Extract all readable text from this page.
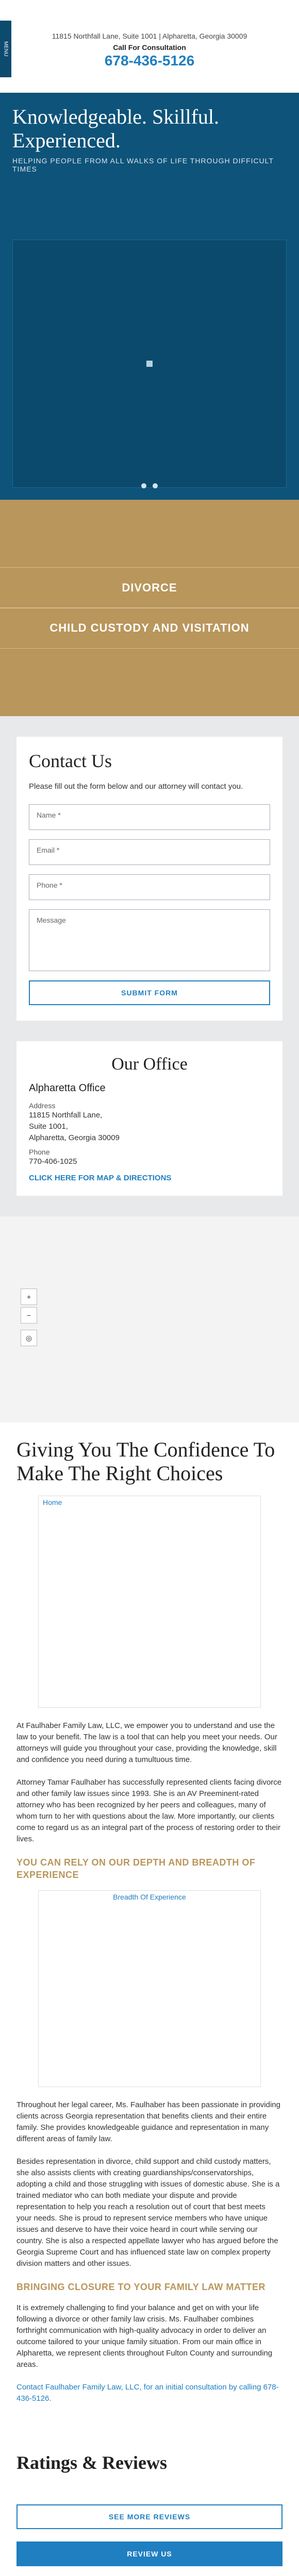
MENU
11815 Northfall Lane, Suite 1001 | Alpharetta, Georgia 30009
Call For Consultation
678-436-5126
Knowledgeable. Skillful. Experienced.
HELPING PEOPLE FROM ALL WALKS OF LIFE THROUGH DIFFICULT TIMES
DIVORCE
CHILD CUSTODY AND VISITATION
Contact Us

Please fill out the form below and our attorney will contact you.

Name *
Email *
Phone *
Message
SUBMIT FORM
Our Office
Alpharetta Office
Address
11815 Northfall Lane,
Suite 1001,
Alpharetta, Georgia 30009
Phone
770-406-1025
CLICK HERE FOR MAP & DIRECTIONS
+
−
◎
Giving You The Confidence To Make The Right Choices
Home

At Faulhaber Family Law, LLC, we empower you to understand and use the law to your benefit. The law is a tool that can help you meet your needs. Our attorneys will guide you throughout your case, providing the knowledge, skill and confidence you need during a tumultuous time.

Attorney Tamar Faulhaber has successfully represented clients facing divorce and other family law issues since 1993. She is an AV Preeminent-rated attorney who has been recognized by her peers and colleagues, many of whom turn to her with questions about the law. More importantly, our clients come to regard us as an integral part of the process of restoring order to their lives.

YOU CAN RELY ON OUR DEPTH AND BREADTH OF EXPERIENCE
Breadth Of Experience

Throughout her legal career, Ms. Faulhaber has been passionate in providing clients across Georgia representation that benefits clients and their entire family. She provides knowledgeable guidance and representation in many different areas of family law.

Besides representation in divorce, child support and child custody matters, she also assists clients with creating guardianships/conservatorships, adopting a child and those struggling with issues of domestic abuse. She is a trained mediator who can both mediate your dispute and provide representation to help you reach a resolution out of court that best meets your needs. She is proud to represent service members who have unique issues and deserve to have their voice heard in court while serving our country. She is also a respected appellate lawyer who has argued before the Georgia Supreme Court and has influenced state law on complex property division matters and other issues.

BRINGING CLOSURE TO YOUR FAMILY LAW MATTER

It is extremely challenging to find your balance and get on with your life following a divorce or other family law crisis. Ms. Faulhaber combines forthright communication with high-quality advocacy in order to deliver an outcome tailored to your unique family situation. From our main office in Alpharetta, we represent clients throughout Fulton County and surrounding areas.

Contact Faulhaber Family Law, LLC, for an initial consultation by calling 678-436-5126.

Ratings & Reviews
SEE MORE REVIEWS
REVIEW US
